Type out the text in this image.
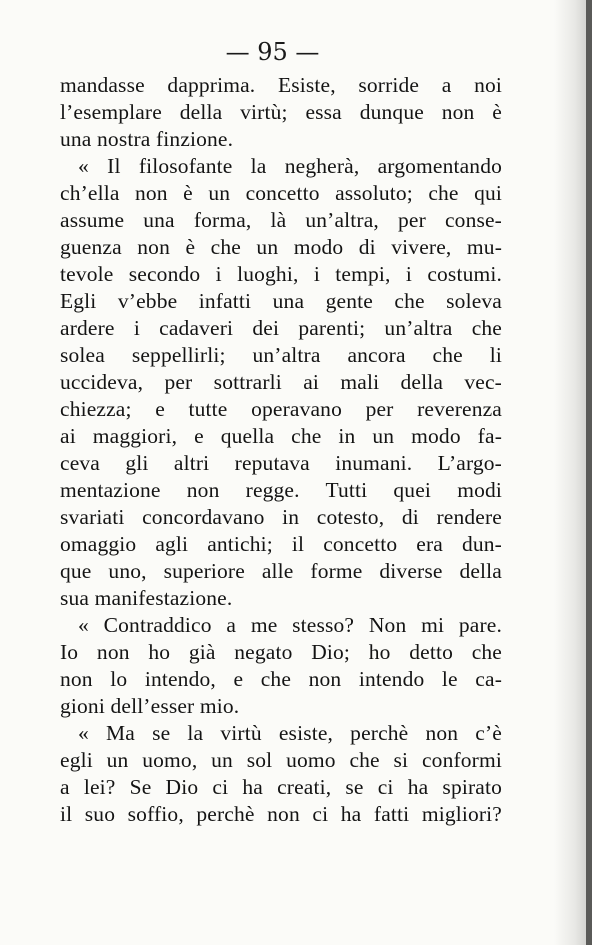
— 95 —
mandasse dapprima. Esiste, sorride a noi
l’esemplare della virtù; essa dunque non è
una nostra finzione.
« Il filosofante la negherà, argomentando
ch’ella non è un concetto assoluto; che qui
assume una forma, là un’altra, per conse-
guenza non è che un modo di vivere, mu-
tevole secondo i luoghi, i tempi, i costumi.
Egli v’ebbe infatti una gente che soleva
ardere i cadaveri dei parenti; un’altra che
solea seppellirli; un’altra ancora che li
uccideva, per sottrarli ai mali della vec-
chiezza; e tutte operavano per reverenza
ai maggiori, e quella che in un modo fa-
ceva gli altri reputava inumani. L’argo-
mentazione non regge. Tutti quei modi
svariati concordavano in cotesto, di rendere
omaggio agli antichi; il concetto era dun-
que uno, superiore alle forme diverse della
sua manifestazione.
« Contraddico a me stesso? Non mi pare.
Io non ho già negato Dio; ho detto che
non lo intendo, e che non intendo le ca-
gioni dell’esser mio.
« Ma se la virtù esiste, perchè non c’è
egli un uomo, un sol uomo che si conformi
a lei? Se Dio ci ha creati, se ci ha spirato
il suo soffio, perchè non ci ha fatti migliori?
